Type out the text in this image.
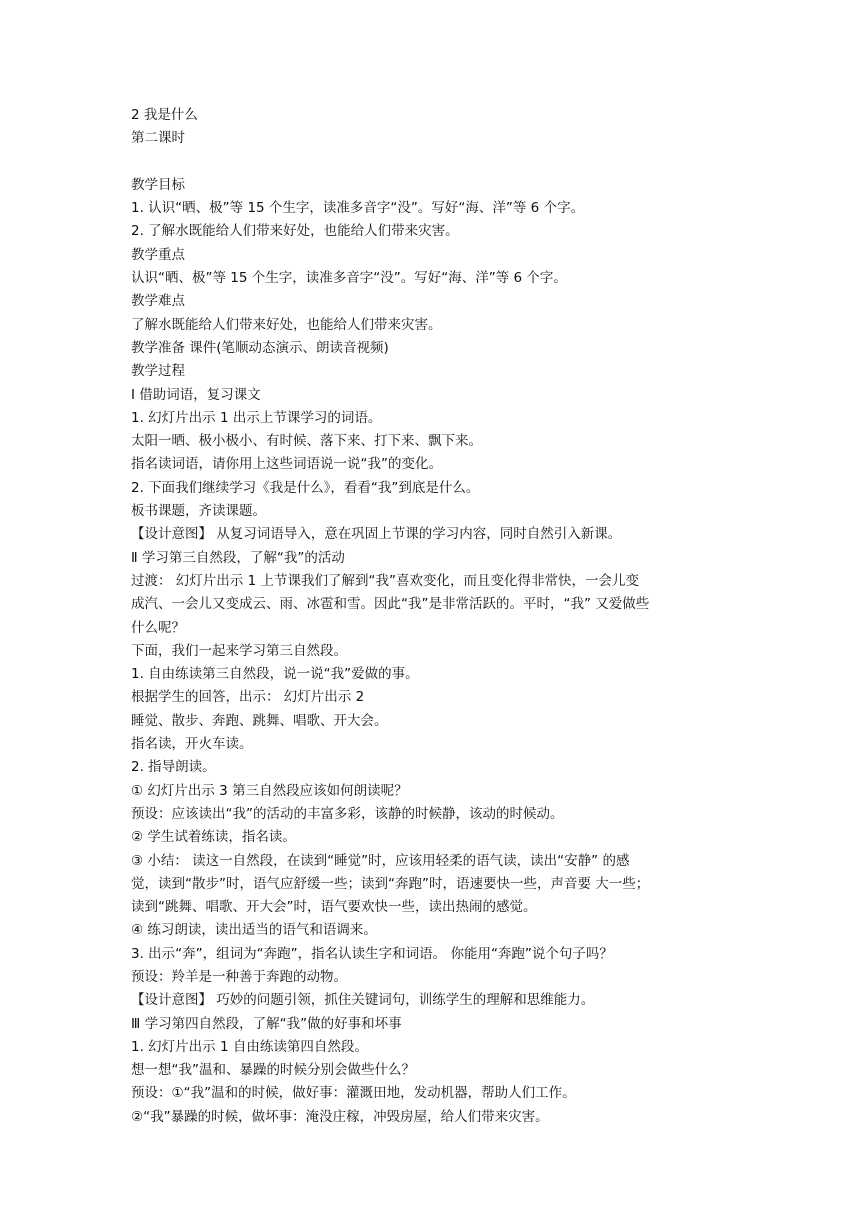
2 我是什么
第二课时
教学目标
1. 认识“晒、极”等 15 个生字，读准多音字“没”。写好“海、洋”等 6 个字。
2. 了解水既能给人们带来好处，也能给人们带来灾害。
教学重点
认识“晒、极”等 15 个生字，读准多音字“没”。写好“海、洋”等 6 个字。
教学难点
了解水既能给人们带来好处，也能给人们带来灾害。
教学准备 课件(笔顺动态演示、朗读音视频)
教学过程
Ⅰ 借助词语，复习课文
1. 幻灯片出示 1 出示上节课学习的词语。
太阳一晒、极小极小、有时候、落下来、打下来、飘下来。
指名读词语，请你用上这些词语说一说“我”的变化。
2. 下面我们继续学习《我是什么》，看看“我”到底是什么。
板书课题，齐读课题。
【设计意图】 从复习词语导入，意在巩固上节课的学习内容，同时自然引入新课。
Ⅱ 学习第三自然段，了解“我”的活动
过渡： 幻灯片出示 1 上节课我们了解到“我”喜欢变化，而且变化得非常快，一会儿变
成汽、一会儿又变成云、雨、冰雹和雪。因此“我”是非常活跃的。平时，“我” 又爱做些
什么呢？
下面，我们一起来学习第三自然段。
1. 自由练读第三自然段，说一说“我”爱做的事。
根据学生的回答，出示： 幻灯片出示 2
睡觉、散步、奔跑、跳舞、唱歌、开大会。
指名读，开火车读。
2. 指导朗读。
① 幻灯片出示 3 第三自然段应该如何朗读呢？
预设：应该读出“我”的活动的丰富多彩，该静的时候静，该动的时候动。
② 学生试着练读，指名读。
③ 小结： 读这一自然段，在读到“睡觉”时，应该用轻柔的语气读，读出“安静” 的感
觉，读到“散步”时，语气应舒缓一些；读到“奔跑”时，语速要快一些，声音要 大一些；
读到“跳舞、唱歌、开大会”时，语气要欢快一些，读出热闹的感觉。
④ 练习朗读，读出适当的语气和语调来。
3. 出示“奔”，组词为“奔跑”，指名认读生字和词语。 你能用“奔跑”说个句子吗？
预设：羚羊是一种善于奔跑的动物。
【设计意图】 巧妙的问题引领，抓住关键词句，训练学生的理解和思维能力。
Ⅲ 学习第四自然段，了解“我”做的好事和坏事
1. 幻灯片出示 1 自由练读第四自然段。
想一想“我”温和、暴躁的时候分别会做些什么？
预设：①“我”温和的时候，做好事：灌溉田地，发动机器，帮助人们工作。
②“我”暴躁的时候，做坏事：淹没庄稼，冲毁房屋，给人们带来灾害。
